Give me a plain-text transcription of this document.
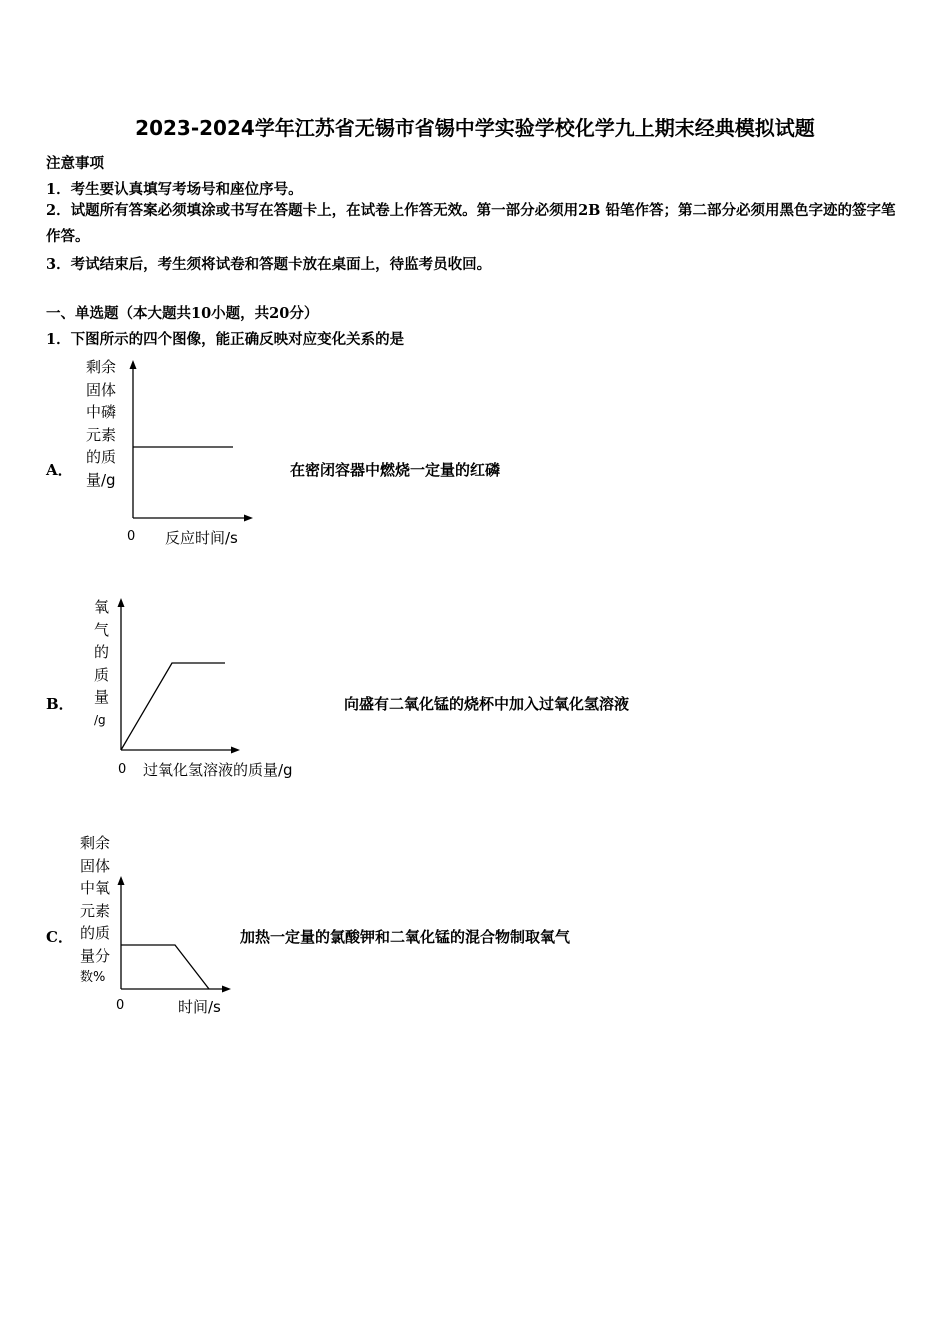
2023-2024学年江苏省无锡市省锡中学实验学校化学九上期末经典模拟试题
注意事项
1．考生要认真填写考场号和座位序号。
2．试题所有答案必须填涂或书写在答题卡上，在试卷上作答无效。第一部分必须用2B 铅笔作答；第二部分必须用黑色字迹的签字笔作答。
3．考试结束后，考生须将试卷和答题卡放在桌面上，待监考员收回。
一、单选题（本大题共10小题，共20分）
1．下图所示的四个图像，能正确反映对应变化关系的是
A．
剩余
固体
中磷
元素
的质
量/g
0 反应时间/s
在密闭容器中燃烧一定量的红磷
B．
氧
气
的
质
量
/g
0 过氧化氢溶液的质量/g
向盛有二氧化锰的烧杯中加入过氧化氢溶液
C．
剩余
固体
中氧
元素
的质
量分
数%
0	时间/s
加热一定量的氯酸钾和二氧化锰的混合物制取氧气
